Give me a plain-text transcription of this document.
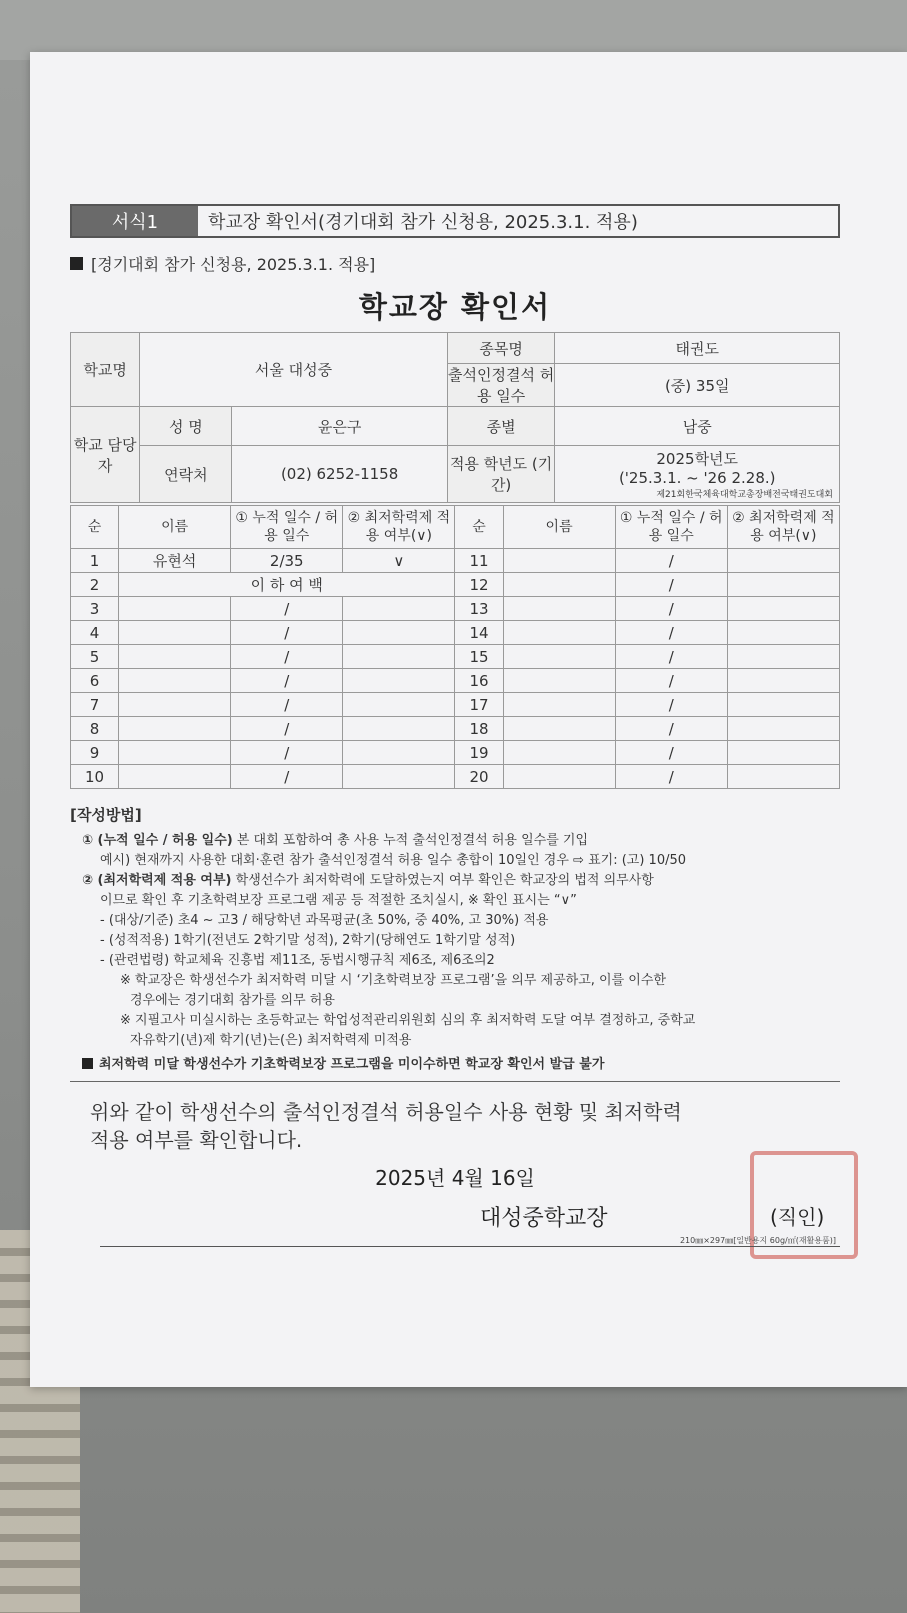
서식1	학교장 확인서(경기대회 참가 신청용, 2025.3.1. 적용)
[경기대회 참가 신청용, 2025.3.1. 적용]
학교장 확인서
학교명	서울 대성중		종목명	태권도
			출석인정결석 허용 일수	(중) 35일
학교 담당자	성 명	윤은구	종별	남중
	연락처	(02) 6252-1158	적용 학년도 (기간)	2025학년도
('25.3.1. ~ '26 2.28.)
제21회한국체육대학교총장배전국태권도대회
순	이름	① 누적 일수 / 허용 일수	② 최저학력제 적용 여부(∨)	순	이름	① 누적 일수 / 허용 일수	② 최저학력제 적용 여부(∨)
1	유현석	2/35	∨	11		/	
2	이 하 여 백			12		/	
3		/		13		/	
4		/		14		/	
5		/		15		/	
6		/		16		/	
7		/		17		/	
8		/		18		/	
9		/		19		/	
10		/		20		/	
[작성방법]
① (누적 일수 / 허용 일수) 본 대회 포함하여 총 사용 누적 출석인정결석 허용 일수를 기입
예시) 현재까지 사용한 대회·훈련 참가 출석인정결석 허용 일수 총합이 10일인 경우 ⇨ 표기: (고) 10/50
② (최저학력제 적용 여부) 학생선수가 최저학력에 도달하였는지 여부 확인은 학교장의 법적 의무사항
이므로 확인 후 기초학력보장 프로그램 제공 등 적절한 조치실시, ※ 확인 표시는 “∨”
- (대상/기준) 초4 ~ 고3 / 해당학년 과목평균(초 50%, 중 40%, 고 30%) 적용
- (성적적용) 1학기(전년도 2학기말 성적), 2학기(당해연도 1학기말 성적)
- (관련법령) 학교체육 진흥법 제11조, 동법시행규칙 제6조, 제6조의2
※ 학교장은 학생선수가 최저학력 미달 시 ‘기초학력보장 프로그램’을 의무 제공하고, 이를 이수한
경우에는 경기대회 참가를 의무 허용
※ 지필고사 미실시하는 초등학교는 학업성적관리위원회 심의 후 최저학력 도달 여부 결정하고, 중학교
자유학기(년)제 학기(년)는(은) 최저학력제 미적용
최저학력 미달 학생선수가 기초학력보장 프로그램을 미이수하면 학교장 확인서 발급 불가
위와 같이 학생선수의 출석인정결석 허용일수 사용 현황 및 최저학력
적용 여부를 확인합니다.
2025년 4월 16일
대성중학교장	(직인)
210㎜×297㎜[일반용지 60g/㎡(재활용품)]
